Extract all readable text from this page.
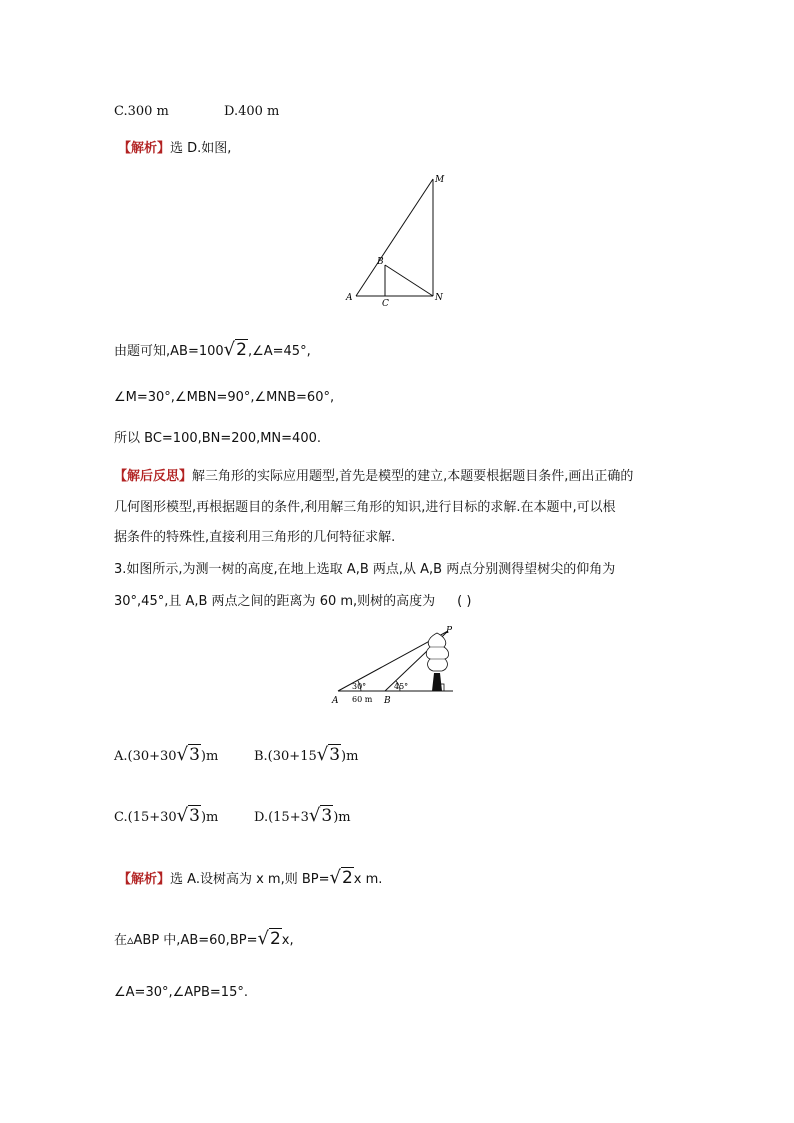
C.300 m	D.400 m
【解析】选 D.如图,
M
B
A
C
N
由题可知,AB=100√2,∠A=45°,
∠M=30°,∠MBN=90°,∠MNB=60°,
所以 BC=100,BN=200,MN=400.
【解后反思】解三角形的实际应用题型,首先是模型的建立,本题要根据题目条件,画出正确的
几何图形模型,再根据题目的条件,利用解三角形的知识,进行目标的求解.在本题中,可以根
据条件的特殊性,直接利用三角形的几何特征求解.
3.如图所示,为测一树的高度,在地上选取 A,B 两点,从 A,B 两点分别测得望树尖的仰角为
30°,45°,且 A,B 两点之间的距离为 60 m,则树的高度为 ( )
P
A	B
30°	45°
60 m
A.(30+30√3)m	B.(30+15√3)m
C.(15+30√3)m	D.(15+3√3)m
【解析】选 A.设树高为 x m,则 BP=√2x m.
在▵ABP 中,AB=60,BP=√2x,
∠A=30°,∠APB=15°.
